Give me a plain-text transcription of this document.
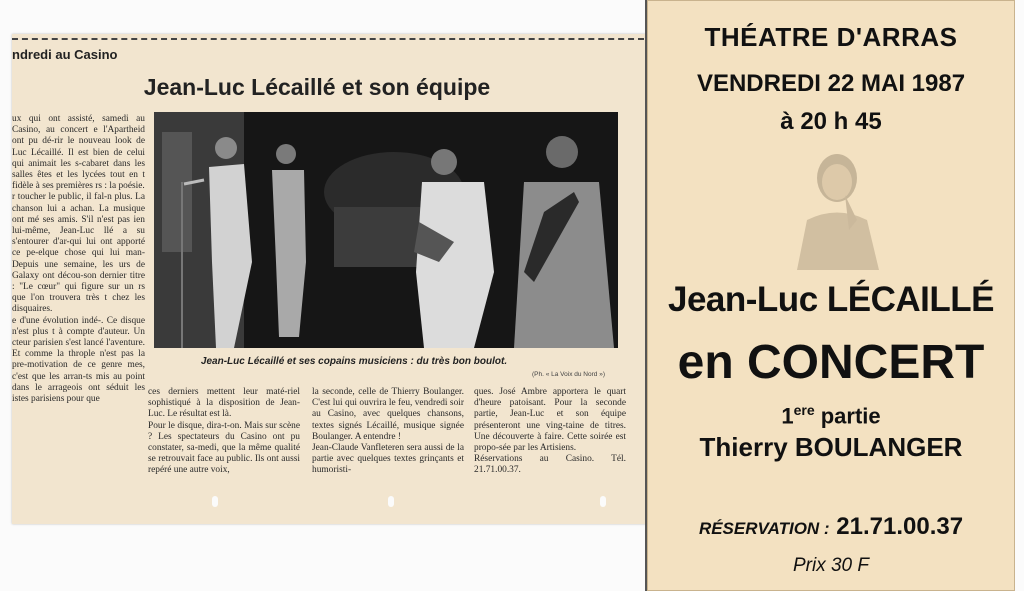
ndredi au Casino
Jean-Luc Lécaillé et son équipe
ux qui ont assisté, samedi au Casino, au concert e l'Apartheid ont pu dé-rir le nouveau look de Luc Lécaillé. Il est bien de celui qui animait les s-cabaret dans les salles êtes et les lycées tout en t fidèle à ses premières rs : la poésie.
r toucher le public, il fal-n plus. La chanson lui a achan. La musique ont mé ses amis. S'il n'est pas ien lui-même, Jean-Luc llé a su s'entourer d'ar-qui lui ont apporté ce pe-elque chose qui lui man-Depuis une semaine, les urs de Galaxy ont décou-son dernier titre : "Le cœur" qui figure sur un rs que l'on trouvera très t chez les disquaires.
e d'une évolution indé-. Ce disque n'est plus t à compte d'auteur. Un cteur parisien s'est lancé l'aventure. Et comme la throple n'est pas la pre-motivation de ce genre mes, c'est que les arran-ts mis au point dans le arrageois ont séduit les istes parisiens pour que
Jean-Luc Lécaillé et ses copains musiciens : du très bon boulot.
(Ph. « La Voix du Nord »)
ces derniers mettent leur maté-riel sophistiqué à la disposition de Jean-Luc. Le résultat est là.
Pour le disque, dira-t-on. Mais sur scène ? Les spectateurs du Casino ont pu constater, sa-medi, que la même qualité se retrouvait face au public. Ils ont aussi repéré une autre voix,
la seconde, celle de Thierry Boulanger. C'est lui qui ouvrira le feu, vendredi soir au Casino, avec quelques chansons, textes signés Lécaillé, musique signée Boulanger. A entendre !
Jean-Claude Vanfleteren sera aussi de la partie avec quelques textes grinçants et humoristi-
ques. José Ambre apportera le quart d'heure patoisant. Pour la seconde partie, Jean-Luc et son équipe présenteront une ving-taine de titres. Une découverte à faire. Cette soirée est propo-sée par les Artisiens.
Réservations au Casino. Tél. 21.71.00.37.
THÉATRE D'ARRAS
VENDREDI 22 MAI 1987
à 20 h 45
Jean-Luc LÉCAILLÉ
en CONCERT
1ere partie
Thierry BOULANGER
RÉSERVATION : 21.71.00.37
Prix 30 F
